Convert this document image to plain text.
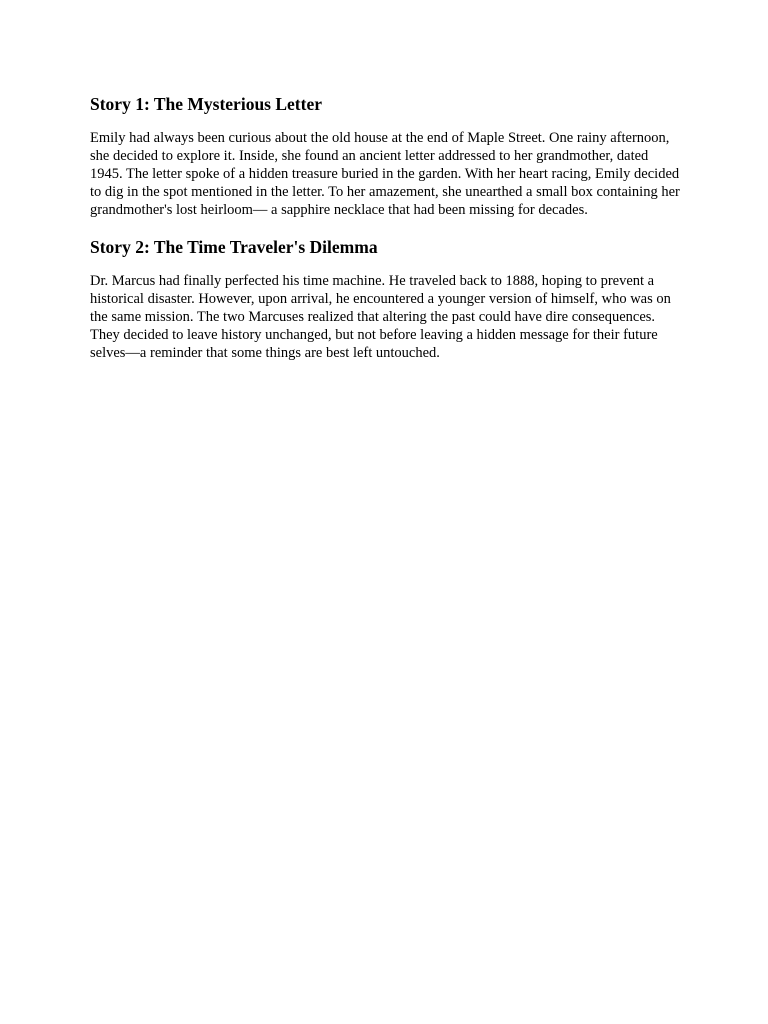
Story 1: The Mysterious Letter

Emily had always been curious about the old house at the end of Maple Street. One rainy afternoon, she decided to explore it. Inside, she found an ancient letter addressed to her grandmother, dated 1945. The letter spoke of a hidden treasure buried in the garden. With her heart racing, Emily decided to dig in the spot mentioned in the letter. To her amazement, she unearthed a small box containing her grandmother's lost heirloom— a sapphire necklace that had been missing for decades.

Story 2: The Time Traveler's Dilemma

Dr. Marcus had finally perfected his time machine. He traveled back to 1888, hoping to prevent a historical disaster. However, upon arrival, he encountered a younger version of himself, who was on the same mission. The two Marcuses realized that altering the past could have dire consequences. They decided to leave history unchanged, but not before leaving a hidden message for their future selves—a reminder that some things are best left untouched.
